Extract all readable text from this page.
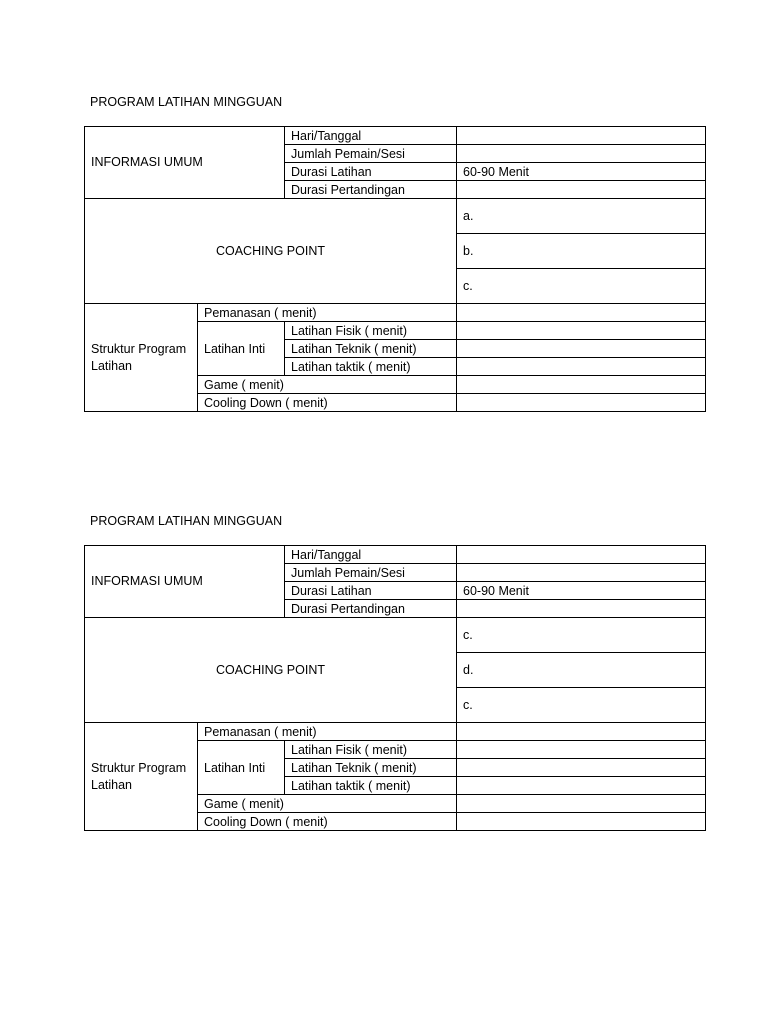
PROGRAM LATIHAN MINGGUAN
INFORMASI UMUM		Hari/Tanggal	
		Jumlah Pemain/Sesi	
		Durasi Latihan	60-90 Menit
		Durasi Pertandingan	
COACHING POINT			a.
			b.
			c.
Struktur Program Latihan	Pemanasan ( menit)		
	Latihan Inti	Latihan Fisik ( menit)	
		Latihan Teknik ( menit)	
		Latihan taktik ( menit)	
	Game ( menit)		
	Cooling Down ( menit)		
PROGRAM LATIHAN MINGGUAN
INFORMASI UMUM		Hari/Tanggal	
		Jumlah Pemain/Sesi	
		Durasi Latihan	60-90 Menit
		Durasi Pertandingan	
COACHING POINT			c.
			d.
			c.
Struktur Program Latihan	Pemanasan ( menit)		
	Latihan Inti	Latihan Fisik ( menit)	
		Latihan Teknik ( menit)	
		Latihan taktik ( menit)	
	Game ( menit)		
	Cooling Down ( menit)		
